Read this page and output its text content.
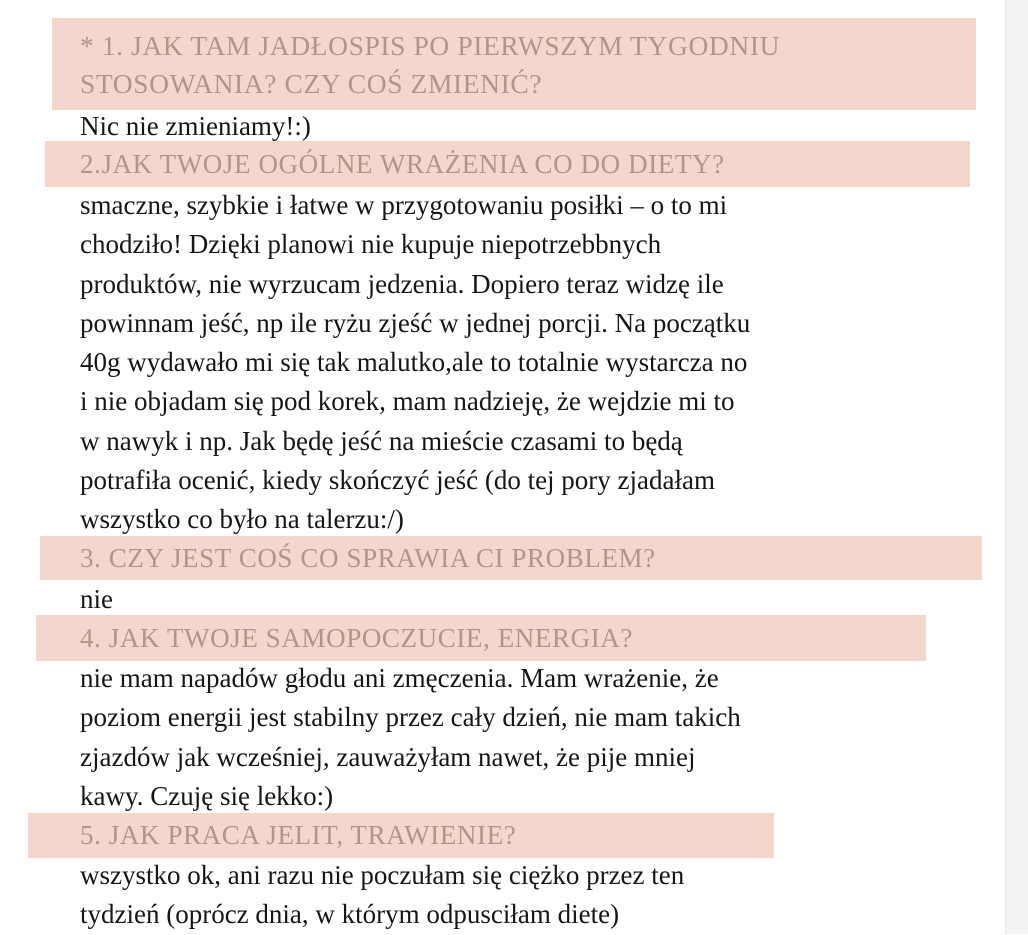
* 1. JAK TAM JADŁOSPIS PO PIERWSZYM TYGODNIU
STOSOWANIA? CZY COŚ ZMIENIĆ?
Nic nie zmieniamy!:)
2.JAK TWOJE OGÓLNE WRAŻENIA CO DO DIETY?
smaczne, szybkie i łatwe w przygotowaniu posiłki – o to mi
chodziło! Dzięki planowi nie kupuje niepotrzebbnych
produktów, nie wyrzucam jedzenia. Dopiero teraz widzę ile
powinnam jeść, np ile ryżu zjeść w jednej porcji. Na początku
40g wydawało mi się tak malutko,ale to totalnie wystarcza no
i nie objadam się pod korek, mam nadzieję, że wejdzie mi to
w nawyk i np. Jak będę jeść na mieście czasami to będą
potrafiła ocenić, kiedy skończyć jeść (do tej pory zjadałam
wszystko co było na talerzu:/)
3. CZY JEST COŚ CO SPRAWIA CI PROBLEM?
nie
4. JAK TWOJE SAMOPOCZUCIE, ENERGIA?
nie mam napadów głodu ani zmęczenia. Mam wrażenie, że
poziom energii jest stabilny przez cały dzień, nie mam takich
zjazdów jak wcześniej, zauważyłam nawet, że pije mniej
kawy. Czuję się lekko:)
5. JAK PRACA JELIT, TRAWIENIE?
wszystko ok, ani razu nie poczułam się ciężko przez ten
tydzień (oprócz dnia, w którym odpusciłam diete)
